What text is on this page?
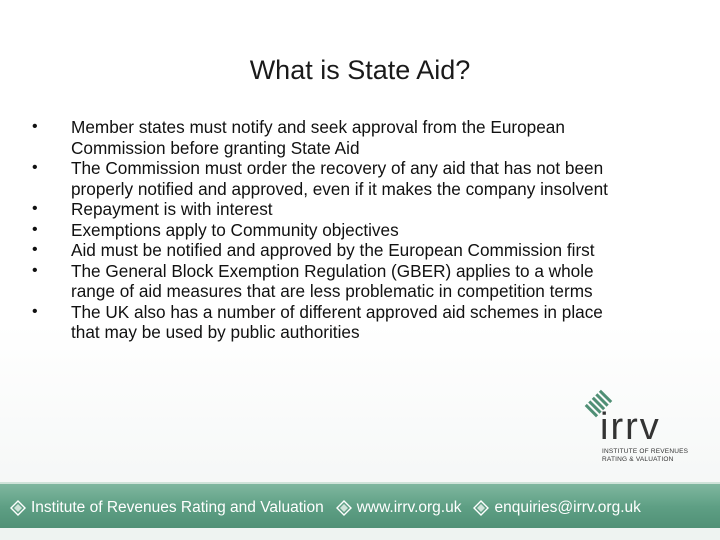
What is State Aid?
• Member states must notify and seek approval from the European
Commission before granting State Aid
• The Commission must order the recovery of any aid that has not been
properly notified and approved, even if it makes the company insolvent
• Repayment is with interest
• Exemptions apply to Community objectives
• Aid must be notified and approved by the European Commission first
• The General Block Exemption Regulation (GBER) applies to a whole
range of aid measures that are less problematic in competition terms
• The UK also has a number of different approved aid schemes in place
that may be used by public authorities
irrv
INSTITUTE OF REVENUES
RATING & VALUATION
Institute of Revenues Rating and Valuation www.irrv.org.uk enquiries@irrv.org.uk
